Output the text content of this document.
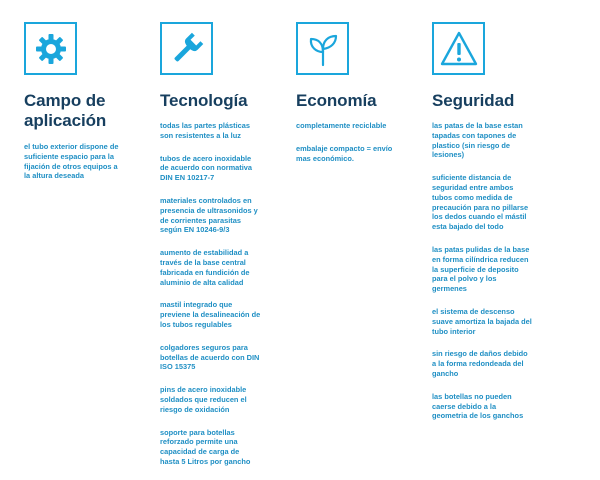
Campo de aplicación
el tubo exterior dispone de
suficiente espacio para la
fijación de otros equipos a
la altura deseada
Tecnología
todas las partes plásticas
son resistentes a la luz
tubos de acero inoxidable
de acuerdo con normativa
DIN EN 10217-7
materiales controlados en
presencia de ultrasonidos y
de corrientes parasitas
según EN 10246-9/3
aumento de estabilidad a
través de la base central
fabricada en fundición de
aluminio de alta calidad
mastil integrado que
previene la desalineación de
los tubos regulables
colgadores seguros para
botellas de acuerdo con DIN
ISO 15375
pins de acero inoxidable
soldados que reducen el
riesgo de oxidación
soporte para botellas
reforzado permite una
capacidad de carga de
hasta 5 Litros por gancho
Economía
completamente reciclable
embalaje compacto = envío
mas económico.
Seguridad
las patas de la base estan
tapadas con tapones de
plastico (sin riesgo de
lesiones)
suficiente distancia de
seguridad entre ambos
tubos como medida de
precaución para no pillarse
los dedos cuando el mástil
esta bajado del todo
las patas pulidas de la base
en forma cilíndrica reducen
la superficie de deposito
para el polvo y los
germenes
el sistema de descenso
suave amortiza la bajada del
tubo interior
sin riesgo de daños debido
a la forma redondeada del
gancho
las botellas no pueden
caerse debido a la
geometria de los ganchos
